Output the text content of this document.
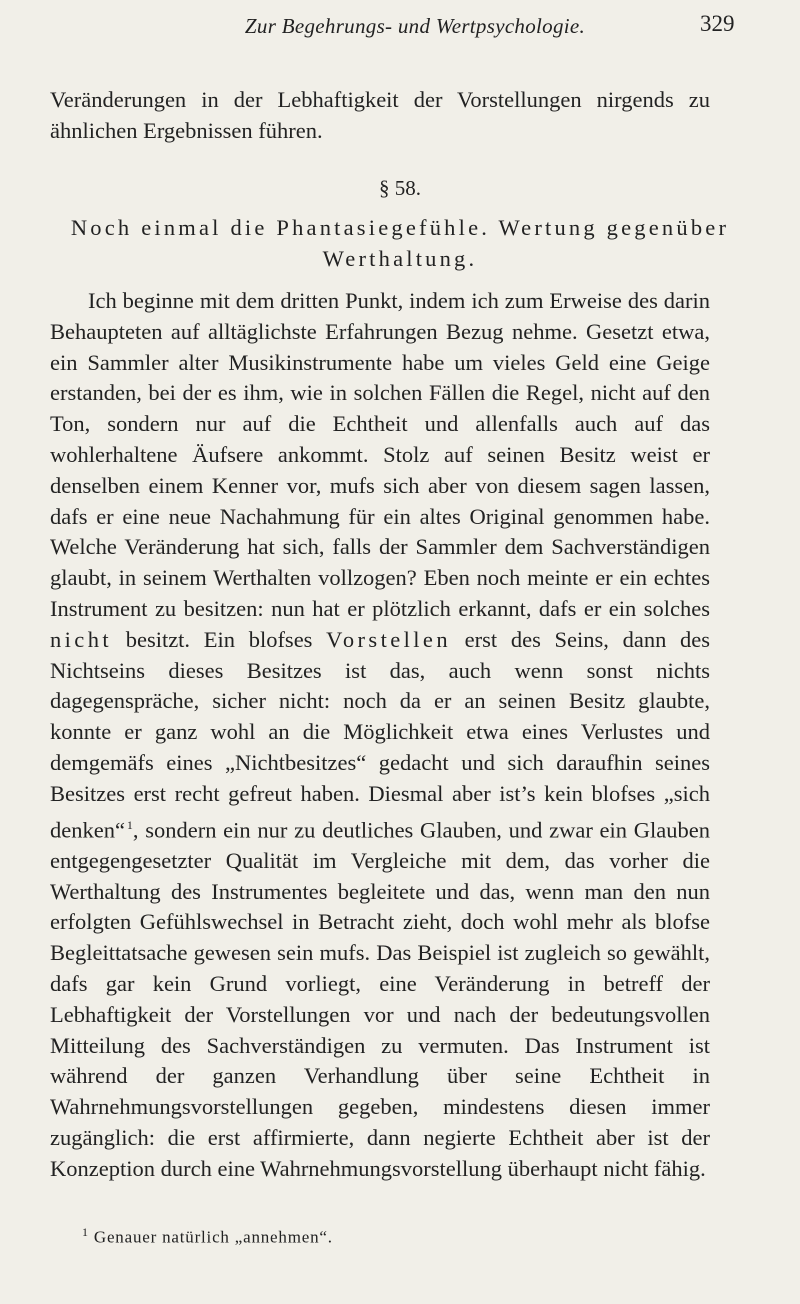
Zur Begehrungs- und Wertpsychologie.	329
Veränderungen in der Lebhaftigkeit der Vorstellungen nirgends zu ähnlichen Ergebnissen führen.
§ 58.
Noch einmal die Phantasiegefühle. Wertung gegenüber Werthaltung.

Ich beginne mit dem dritten Punkt, indem ich zum Erweise des darin Behaupteten auf alltäglichste Erfahrungen Bezug nehme. Gesetzt etwa, ein Sammler alter Musikinstrumente habe um vieles Geld eine Geige erstanden, bei der es ihm, wie in solchen Fällen die Regel, nicht auf den Ton, sondern nur auf die Echtheit und allenfalls auch auf das wohlerhaltene Äufsere ankommt. Stolz auf seinen Besitz weist er denselben einem Kenner vor, mufs sich aber von diesem sagen lassen, dafs er eine neue Nachahmung für ein altes Original genommen habe. Welche Veränderung hat sich, falls der Sammler dem Sachverständigen glaubt, in seinem Werthalten vollzogen? Eben noch meinte er ein echtes Instrument zu besitzen: nun hat er plötzlich erkannt, dafs er ein solches nicht besitzt. Ein blofses Vorstellen erst des Seins, dann des Nichtseins dieses Besitzes ist das, auch wenn sonst nichts dagegenspräche, sicher nicht: noch da er an seinen Besitz glaubte, konnte er ganz wohl an die Möglichkeit etwa eines Verlustes und demgemäfs eines „Nichtbesitzes“ gedacht und sich daraufhin seines Besitzes erst recht gefreut haben. Diesmal aber ist’s kein blofses „sich denken“  $^1$, sondern ein nur zu deutliches Glauben, und zwar ein Glauben entgegengesetzter Qualität im Vergleiche mit dem, das vorher die Werthaltung des Instrumentes begleitete und das, wenn man den nun erfolgten Gefühlswechsel in Betracht zieht, doch wohl mehr als blofse Begleittatsache gewesen sein mufs. Das Beispiel ist zugleich so gewählt, dafs gar kein Grund vorliegt, eine Veränderung in betreff der Lebhaftigkeit der Vorstellungen vor und nach der bedeutungsvollen Mitteilung des Sachverständigen zu vermuten. Das Instrument ist während der ganzen Verhandlung über seine Echtheit in Wahrnehmungsvorstellungen gegeben, mindestens diesen immer zugänglich: die erst affirmierte, dann negierte Echtheit aber ist der Konzeption durch eine Wahrnehmungsvorstellung überhaupt nicht fähig.

$^1$ Genauer natürlich „annehmen“.
